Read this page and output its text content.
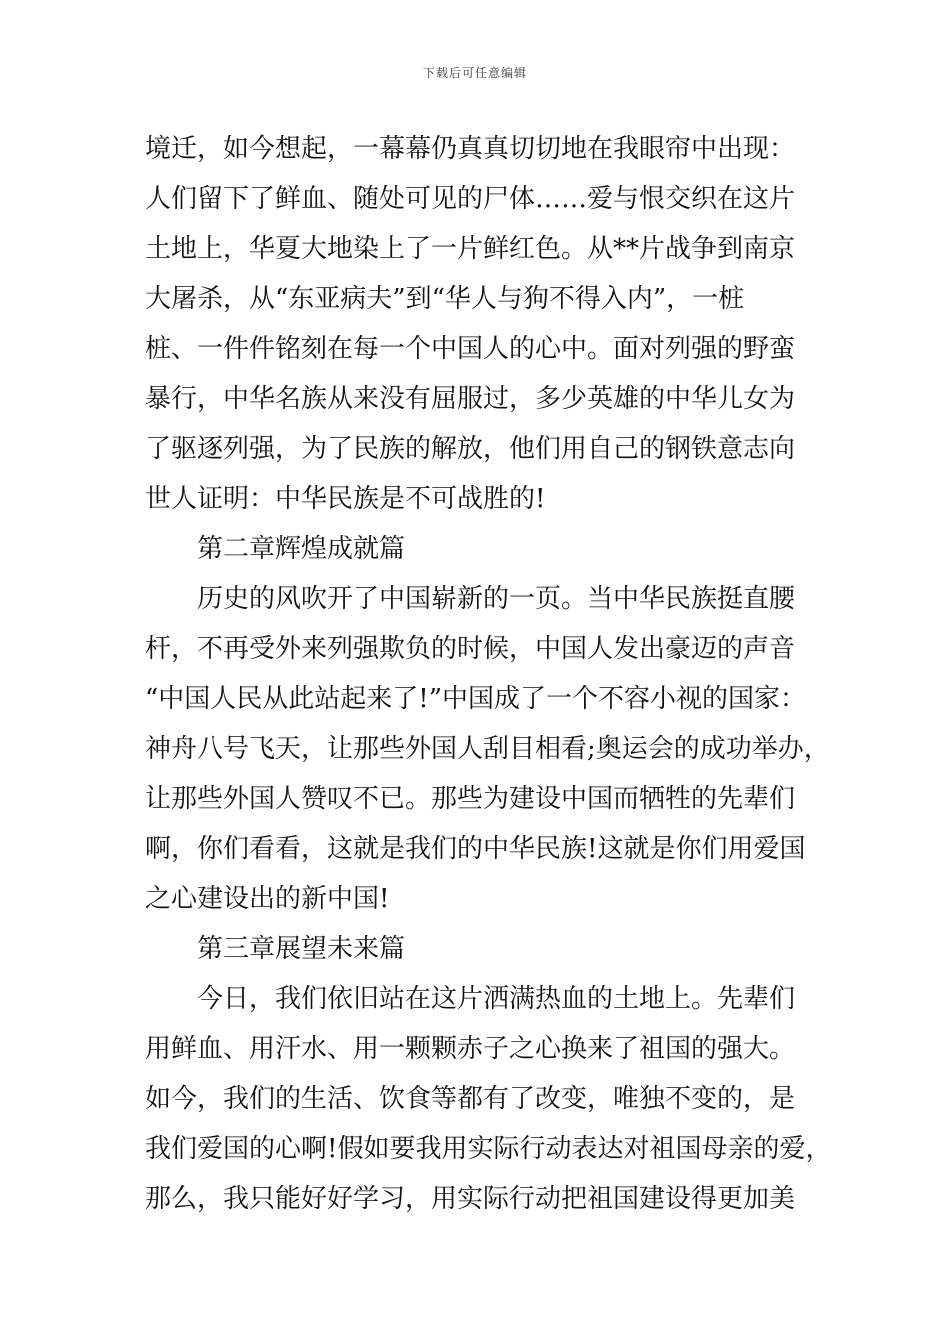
下载后可任意编辑
境迁，如今想起，一幕幕仍真真切切地在我眼帘中出现：
人们留下了鲜血、随处可见的尸体……爱与恨交织在这片
土地上，华夏大地染上了一片鲜红色。从**片战争到南京
大屠杀，从“东亚病夫”到“华人与狗不得入内”，一桩
桩、一件件铭刻在每一个中国人的心中。面对列强的野蛮
暴行，中华名族从来没有屈服过，多少英雄的中华儿女为
了驱逐列强，为了民族的解放，他们用自己的钢铁意志向
世人证明：中华民族是不可战胜的!
第二章辉煌成就篇
历史的风吹开了中国崭新的一页。当中华民族挺直腰
杆，不再受外来列强欺负的时候，中国人发出豪迈的声音
“中国人民从此站起来了!”中国成了一个不容小视的国家：
神舟八号飞天，让那些外国人刮目相看;奥运会的成功举办，
让那些外国人赞叹不已。那些为建设中国而牺牲的先辈们
啊，你们看看，这就是我们的中华民族!这就是你们用爱国
之心建设出的新中国!
第三章展望未来篇
今日，我们依旧站在这片洒满热血的土地上。先辈们
用鲜血、用汗水、用一颗颗赤子之心换来了祖国的强大。
如今，我们的生活、饮食等都有了改变，唯独不变的，是
我们爱国的心啊!假如要我用实际行动表达对祖国母亲的爱，
那么，我只能好好学习，用实际行动把祖国建设得更加美
